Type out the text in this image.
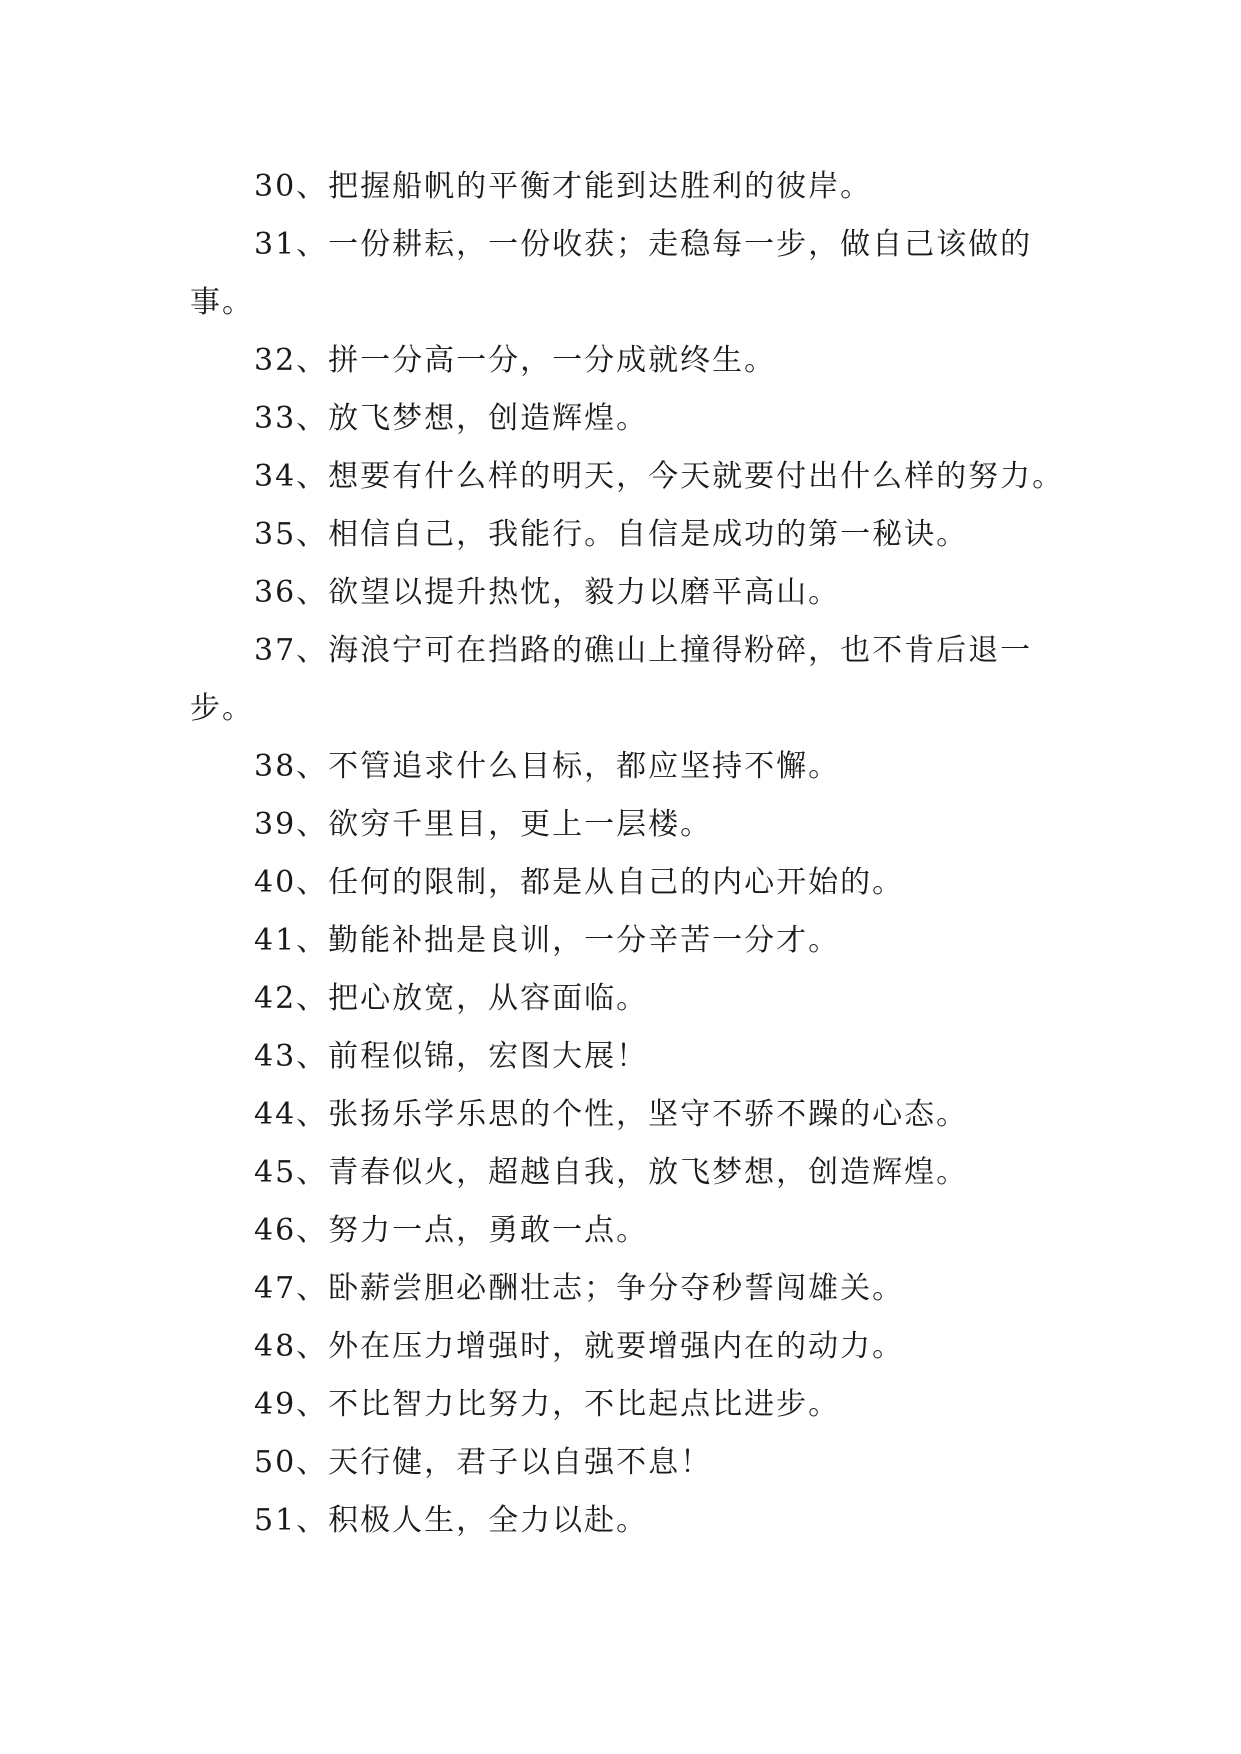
30、把握船帆的平衡才能到达胜利的彼岸。
31、一份耕耘，一份收获；走稳每一步，做自己该做的
事。
32、拼一分高一分，一分成就终生。
33、放飞梦想，创造辉煌。
34、想要有什么样的明天，今天就要付出什么样的努力。
35、相信自己，我能行。自信是成功的第一秘诀。
36、欲望以提升热忱，毅力以磨平高山。
37、海浪宁可在挡路的礁山上撞得粉碎，也不肯后退一
步。
38、不管追求什么目标，都应坚持不懈。
39、欲穷千里目，更上一层楼。
40、任何的限制，都是从自己的内心开始的。
41、勤能补拙是良训，一分辛苦一分才。
42、把心放宽，从容面临。
43、前程似锦，宏图大展！
44、张扬乐学乐思的个性，坚守不骄不躁的心态。
45、青春似火，超越自我，放飞梦想，创造辉煌。
46、努力一点，勇敢一点。
47、卧薪尝胆必酬壮志；争分夺秒誓闯雄关。
48、外在压力增强时，就要增强内在的动力。
49、不比智力比努力，不比起点比进步。
50、天行健，君子以自强不息！
51、积极人生，全力以赴。
